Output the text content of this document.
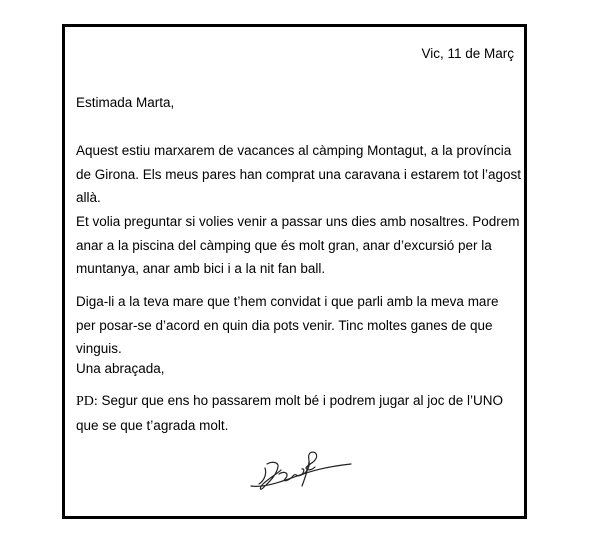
Vic, 11 de Març
Estimada Marta,
Aquest estiu marxarem de vacances al càmping Montagut, a la província de Girona. Els meus pares han comprat una caravana i estarem tot l’agost allà.
Et volia preguntar si volies venir a passar uns dies amb nosaltres. Podrem anar a la piscina del càmping que és molt gran, anar d’excursió per la muntanya, anar amb bici i a la nit fan ball.
Diga-li a la teva mare que t’hem convidat i que parli amb la meva mare per posar-se d’acord en quin dia pots venir. Tinc moltes ganes de que vinguis.
Una abraçada,
PD: Segur que ens ho passarem molt bé i podrem jugar al joc de l’UNO que se que t’agrada molt.
